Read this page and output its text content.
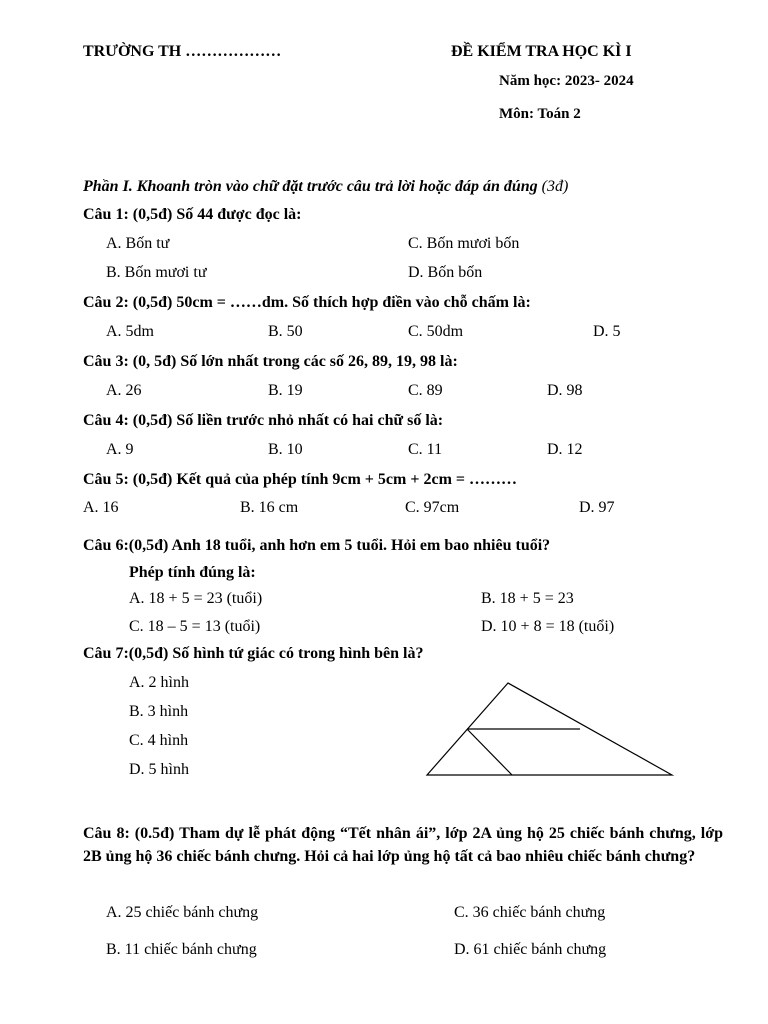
TRƯỜNG TH ………………	ĐỀ KIỂM TRA HỌC KÌ I
Năm học: 2023- 2024
Môn: Toán 2
Phần I. Khoanh tròn vào chữ đặt trước câu trả lời hoặc đáp án đúng (3đ)
Câu 1: (0,5đ) Số 44 được đọc là:
A. Bốn tư	C. Bốn mươi bốn
B. Bốn mươi tư	D. Bốn bốn
Câu 2: (0,5đ) 50cm = ……dm. Số thích hợp điền vào chỗ chấm là:
A. 5dm	B. 50	C. 50dm	D. 5
Câu 3: (0, 5đ) Số lớn nhất trong các số 26, 89, 19, 98 là:
A. 26	B. 19	C. 89	D. 98
Câu 4: (0,5đ) Số liền trước nhỏ nhất có hai chữ số là:
A. 9	B. 10	C. 11	D. 12
Câu 5: (0,5đ) Kết quả của phép tính 9cm + 5cm + 2cm = ………
A. 16	B. 16 cm	C. 97cm	D. 97
Câu 6:(0,5đ) Anh 18 tuổi, anh hơn em 5 tuổi. Hỏi em bao nhiêu tuổi?
Phép tính đúng là:
A. 18 + 5 = 23 (tuổi)	B. 18 + 5 = 23
C. 18 – 5 = 13 (tuổi)	D. 10 + 8 = 18 (tuổi)
Câu 7:(0,5đ) Số hình tứ giác có trong hình bên là?
A. 2 hình
B. 3 hình
C. 4 hình
D. 5 hình
Câu 8: (0.5đ) Tham dự lễ phát động “Tết nhân ái”, lớp 2A ủng hộ 25 chiếc bánh chưng, lớp 2B ủng hộ 36 chiếc bánh chưng. Hỏi cả hai lớp ủng hộ tất cả bao nhiêu chiếc bánh chưng?
A. 25 chiếc bánh chưng	C. 36 chiếc bánh chưng
B. 11 chiếc bánh chưng	D. 61 chiếc bánh chưng
